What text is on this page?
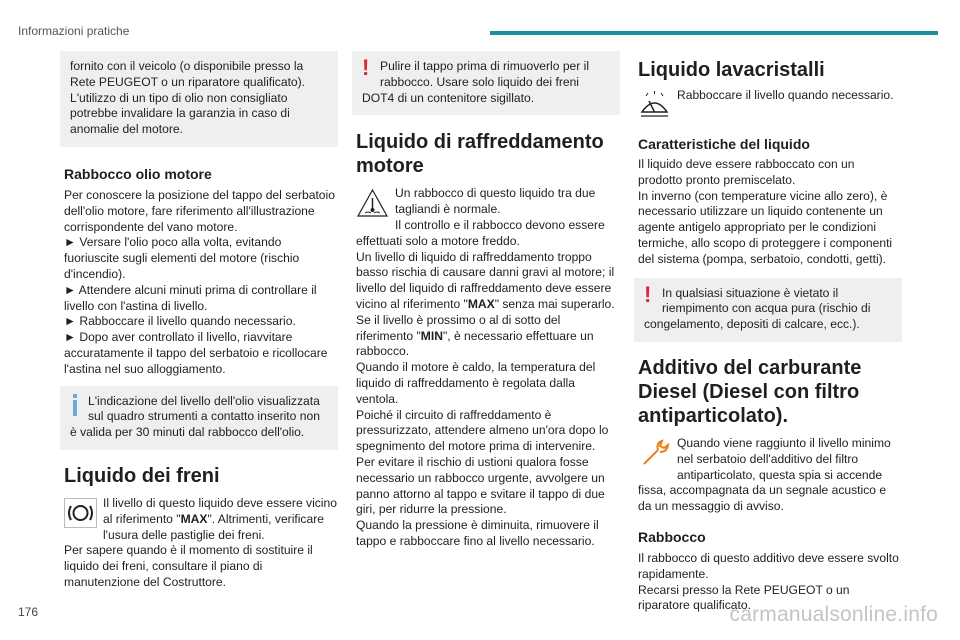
Informazioni pratiche

fornito con il veicolo (o disponibile presso la Rete PEUGEOT o un riparatore qualificato). L'utilizzo di un tipo di olio non consigliato potrebbe invalidare la garanzia in caso di anomalie del motore.

Rabbocco olio motore

Per conoscere la posizione del tappo del serbatoio dell'olio motore, fare riferimento all'illustrazione corrispondente del vano motore.

► Versare l'olio poco alla volta, evitando fuoriuscite sugli elementi del motore (rischio d'incendio).

► Attendere alcuni minuti prima di controllare il livello con l'astina di livello.

► Rabboccare il livello quando necessario.

► Dopo aver controllato il livello, riavvitare accuratamente il tappo del serbatoio e ricollocare l'astina nel suo alloggiamento.

L'indicazione del livello dell'olio visualizzata sul quadro strumenti a contatto inserito non è valida per 30 minuti dal rabbocco dell'olio.

Liquido dei freni

Il livello di questo liquido deve essere vicino al riferimento "MAX". Altrimenti, verificare l'usura delle pastiglie dei freni.

Per sapere quando è il momento di sostituire il liquido dei freni, consultare il piano di manutenzione del Costruttore.

! Pulire il tappo prima di rimuoverlo per il rabbocco. Usare solo liquido dei freni DOT4 di un contenitore sigillato.

Liquido di raffreddamento motore

Un rabbocco di questo liquido tra due tagliandi è normale.

Il controllo e il rabbocco devono essere effettuati solo a motore freddo.

Un livello di liquido di raffreddamento troppo basso rischia di causare danni gravi al motore; il livello del liquido di raffreddamento deve essere vicino al riferimento "MAX" senza mai superarlo.

Se il livello è prossimo o al di sotto del riferimento "MIN", è necessario effettuare un rabbocco.

Quando il motore è caldo, la temperatura del liquido di raffreddamento è regolata dalla ventola.

Poiché il circuito di raffreddamento è pressurizzato, attendere almeno un'ora dopo lo spegnimento del motore prima di intervenire.

Per evitare il rischio di ustioni qualora fosse necessario un rabbocco urgente, avvolgere un panno attorno al tappo e svitare il tappo di due giri, per ridurre la pressione.

Quando la pressione è diminuita, rimuovere il tappo e rabboccare fino al livello necessario.

Liquido lavacristalli

Rabboccare il livello quando necessario.

Caratteristiche del liquido

Il liquido deve essere rabboccato con un prodotto pronto premiscelato.

In inverno (con temperature vicine allo zero), è necessario utilizzare un liquido contenente un agente antigelo appropriato per le condizioni termiche, allo scopo di proteggere i componenti del sistema (pompa, serbatoio, condotti, getti).

! In qualsiasi situazione è vietato il riempimento con acqua pura (rischio di congelamento, depositi di calcare, ecc.).

Additivo del carburante Diesel (Diesel con filtro antiparticolato).

Quando viene raggiunto il livello minimo nel serbatoio dell'additivo del filtro antiparticolato, questa spia si accende fissa, accompagnata da un segnale acustico e da un messaggio di avviso.

Rabbocco

Il rabbocco di questo additivo deve essere svolto rapidamente.

Recarsi presso la Rete PEUGEOT o un riparatore qualificato.

176	carmanualsonline.info
